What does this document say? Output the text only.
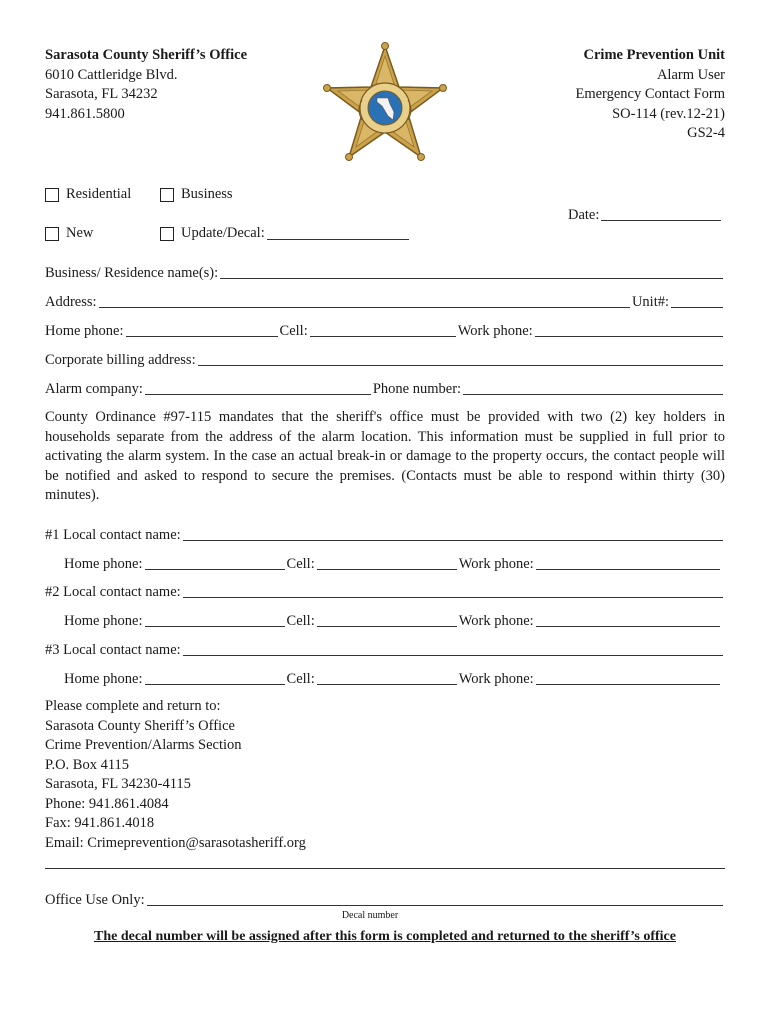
Sarasota County Sheriff’s Office
6010 Cattleridge Blvd.
Sarasota, FL 34232
941.861.5800
Crime Prevention Unit
Alarm User
Emergency Contact Form
SO-114 (rev.12-21)
GS2-4
Residential	Business
New	Update/Decal:
Date:
Business/ Residence name(s):
Address:	Unit#:
Home phone:	Cell:	Work phone:
Corporate billing address:
Alarm company:	Phone number:
County Ordinance #97-115 mandates that the sheriff's office must be provided with two (2) key holders in households separate from the address of the alarm location. This information must be supplied in full prior to activating the alarm system. In the case an actual break-in or damage to the property occurs, the contact people will be notified and asked to respond to secure the premises. (Contacts must be able to respond within thirty (30) minutes).
#1 Local contact name:
Home phone:	Cell:	Work phone:
#2 Local contact name:
Home phone:	Cell:	Work phone:
#3 Local contact name:
Home phone:	Cell:	Work phone:
Please complete and return to:
Sarasota County Sheriff’s Office
Crime Prevention/Alarms Section
P.O. Box 4115
Sarasota, FL 34230-4115
Phone: 941.861.4084
Fax: 941.861.4018
Email: Crimeprevention@sarasotasheriff.org
Office Use Only:
Decal number
The decal number will be assigned after this form is completed and returned to the sheriff’s office
